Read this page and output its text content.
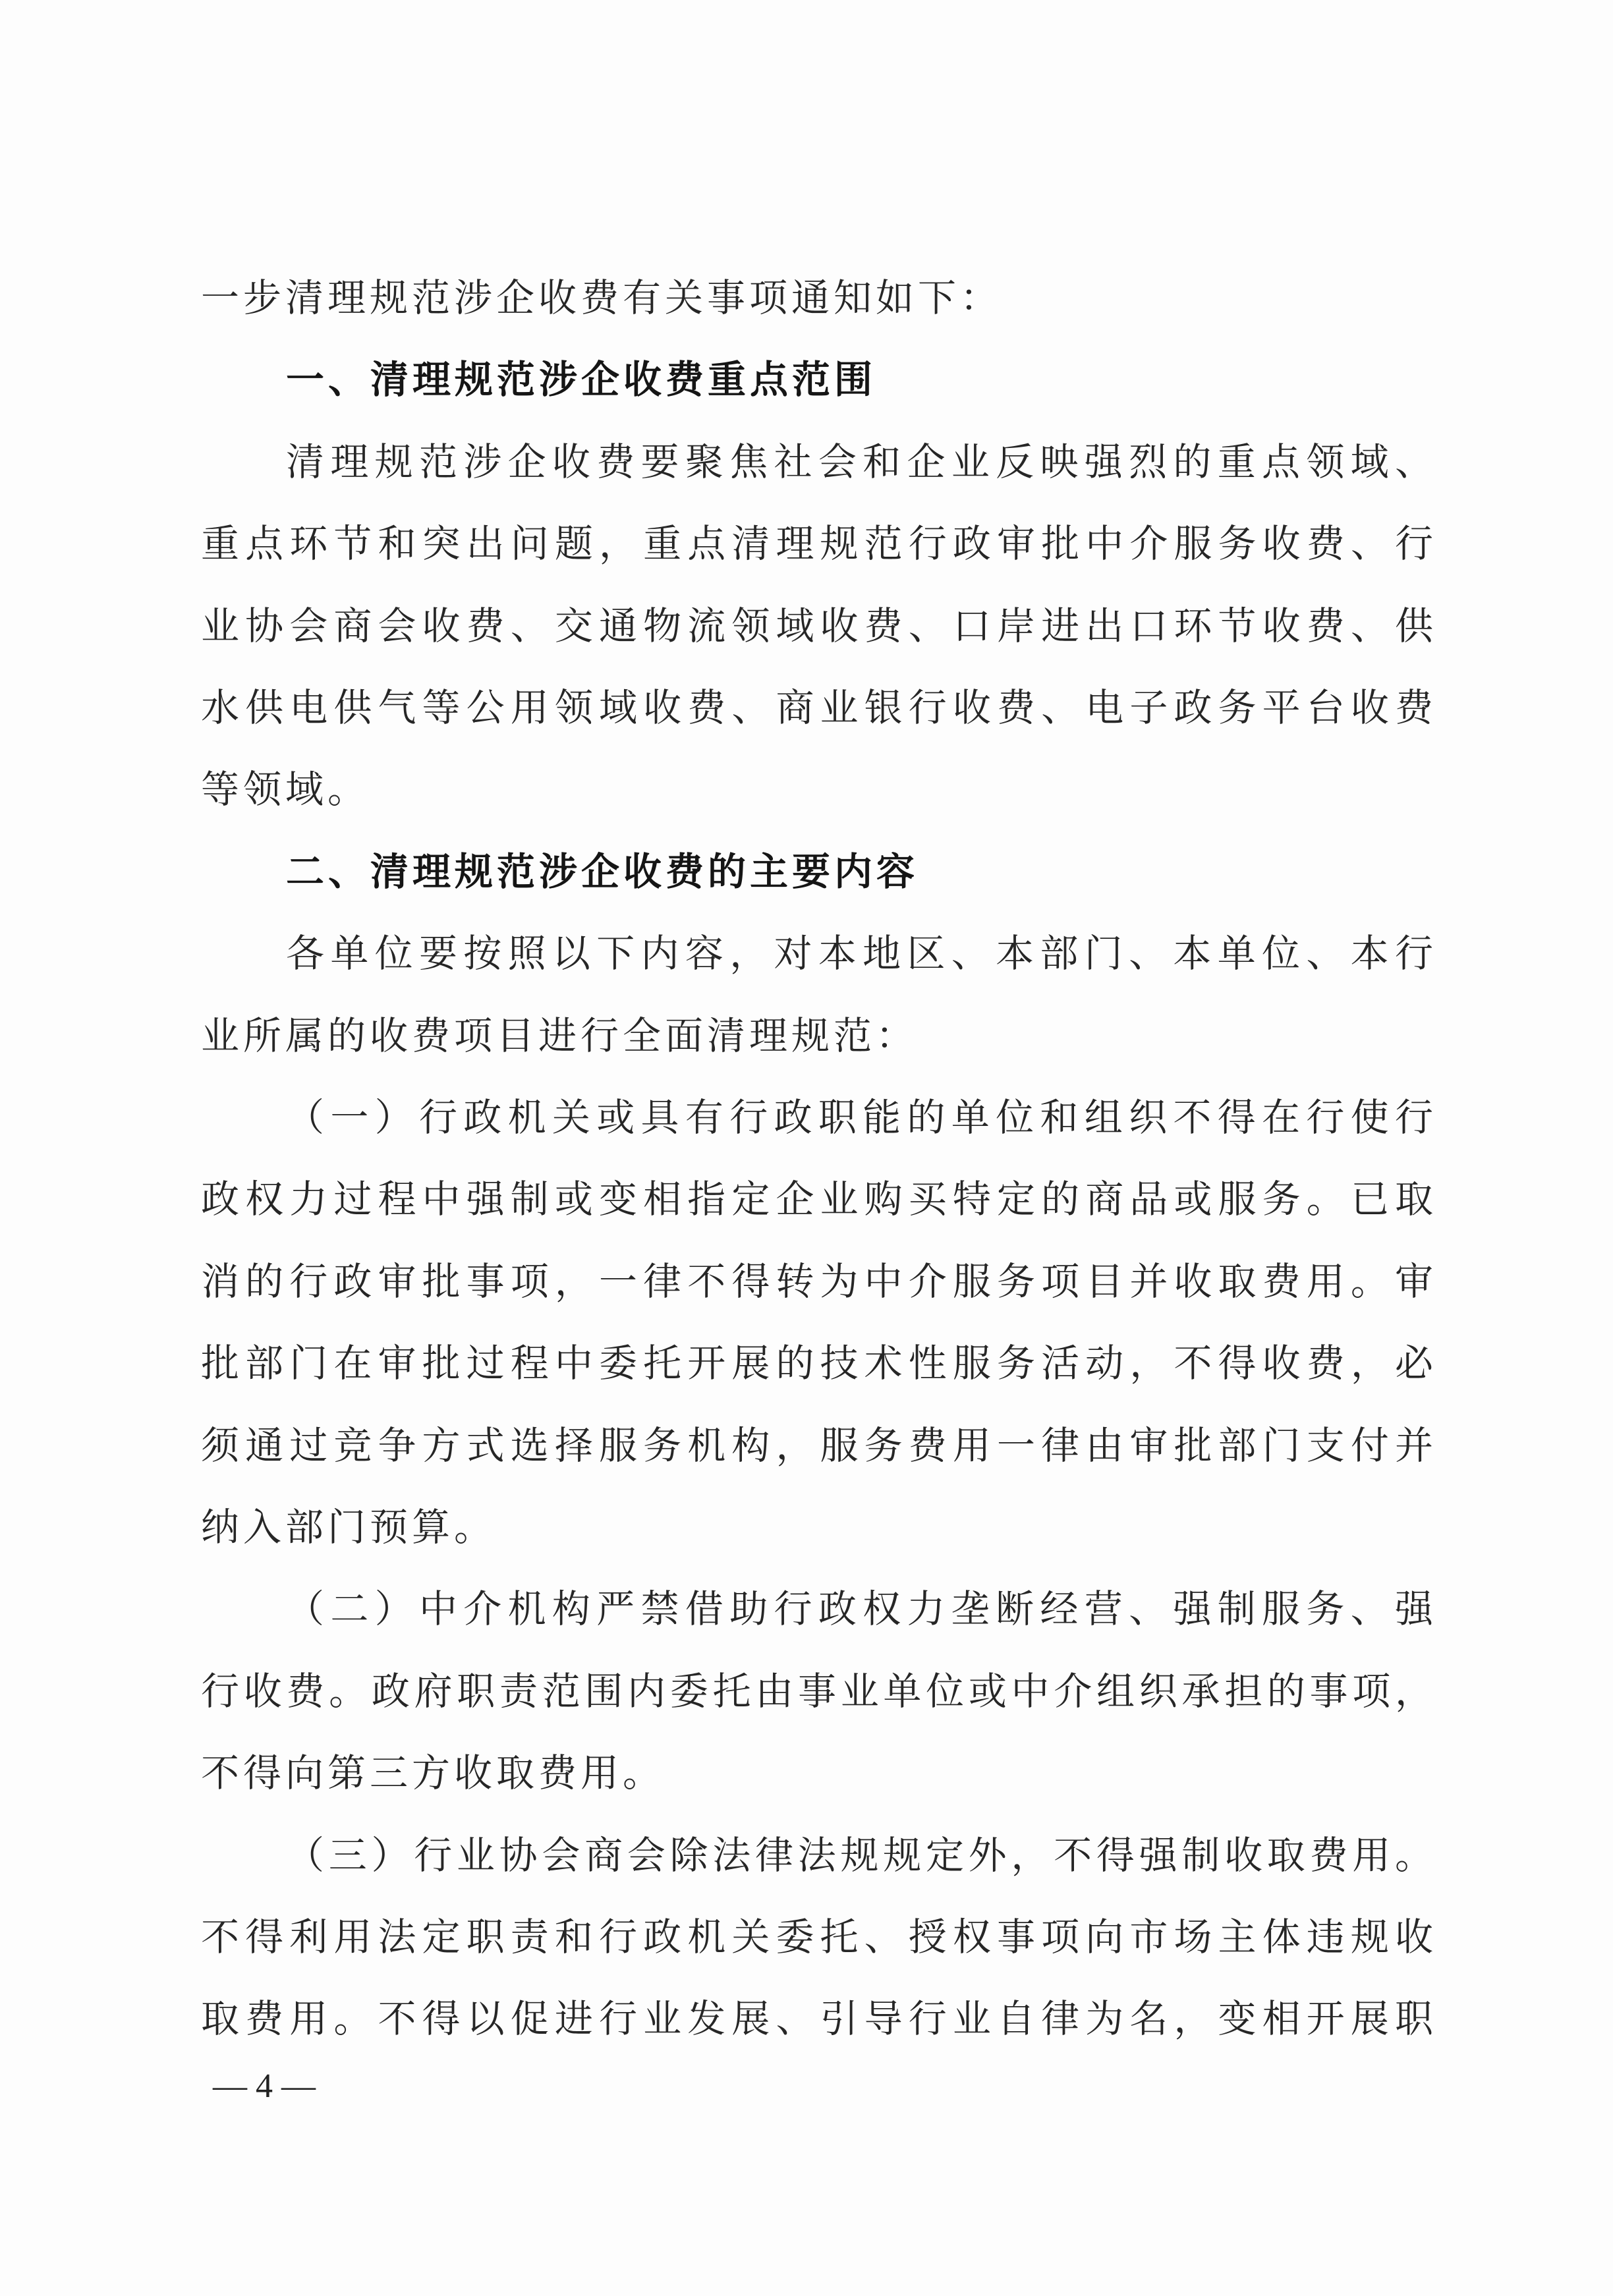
一步清理规范涉企收费有关事项通知如下：
一、清理规范涉企收费重点范围
清理规范涉企收费要聚焦社会和企业反映强烈的重点领域、
重点环节和突出问题，重点清理规范行政审批中介服务收费、行
业协会商会收费、交通物流领域收费、口岸进出口环节收费、供
水供电供气等公用领域收费、商业银行收费、电子政务平台收费
等领域。
二、清理规范涉企收费的主要内容
各单位要按照以下内容，对本地区、本部门、本单位、本行
业所属的收费项目进行全面清理规范：
（一）行政机关或具有行政职能的单位和组织不得在行使行
政权力过程中强制或变相指定企业购买特定的商品或服务。已取
消的行政审批事项，一律不得转为中介服务项目并收取费用。审
批部门在审批过程中委托开展的技术性服务活动，不得收费，必
须通过竞争方式选择服务机构，服务费用一律由审批部门支付并
纳入部门预算。
（二）中介机构严禁借助行政权力垄断经营、强制服务、强
行收费。政府职责范围内委托由事业单位或中介组织承担的事项，
不得向第三方收取费用。
（三）行业协会商会除法律法规规定外，不得强制收取费用。
不得利用法定职责和行政机关委托、授权事项向市场主体违规收
取费用。不得以促进行业发展、引导行业自律为名，变相开展职
— 4 —
